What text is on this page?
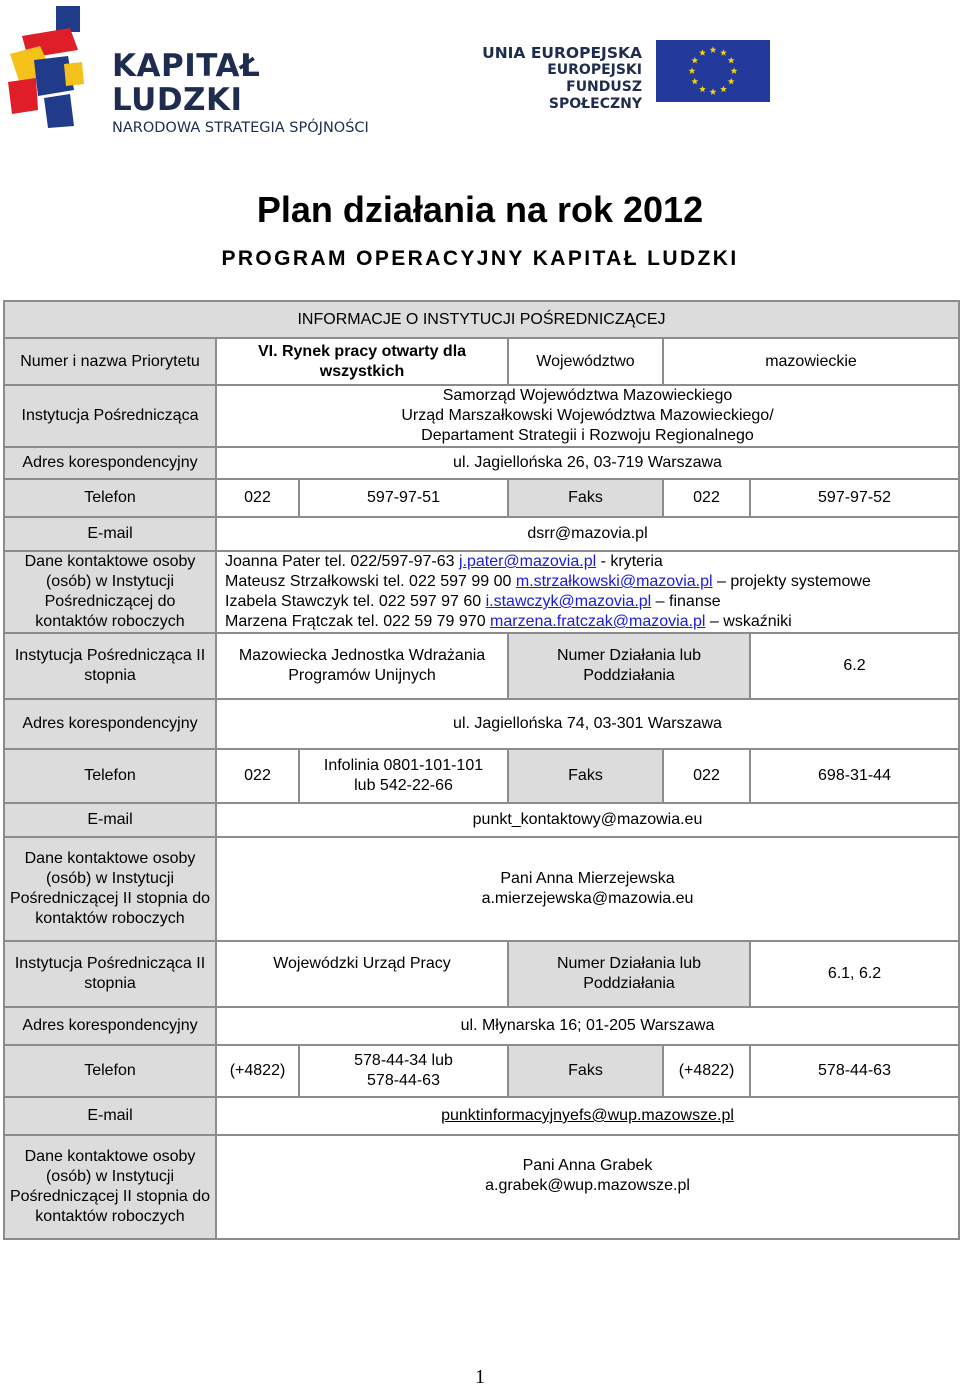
KAPITAŁ LUDZKI
NARODOWA STRATEGIA SPÓJNOŚCI
UNIA EUROPEJSKA
EUROPEJSKI
FUNDUSZ SPOŁECZNY
Plan działania na rok 2012
PROGRAM OPERACYJNY KAPITAŁ LUDZKI
INFORMACJE O INSTYTUCJI POŚREDNICZĄCEJ					
Numer i nazwa Priorytetu	VI. Rynek pracy otwarty dla wszystkich		Województwo	mazowieckie	
Instytucja Pośrednicząca	Samorząd Województwa Mazowieckiego
Urząd Marszałkowski Województwa Mazowieckiego/
Departament Strategii i Rozwoju Regionalnego				

Adres korespondencyjny	ul. Jagiellońska 26, 03-719 Warszawa				
Telefon	022	597-97-51	Faks	022	597-97-52
E-mail	dsrr@mazovia.pl				
Dane kontaktowe osoby (osób) w Instytucji Pośredniczącej do kontaktów roboczych	Joanna Pater tel. 022/597-97-63 j.pater@mazovia.pl - kryteria
Mateusz Strzałkowski tel. 022 597 99 00 m.strzałkowski@mazovia.pl – projekty systemowe
Izabela Stawczyk tel. 022 597 97 60 i.stawczyk@mazovia.pl – finanse
Marzena Frątczak tel. 022 59 79 970 marzena.fratczak@mazovia.pl – wskaźniki				

Instytucja Pośrednicząca II stopnia	Mazowiecka Jednostka Wdrażania Programów Unijnych		Numer Działania lub Poddziałania		6.2
Adres korespondencyjny	ul. Jagiellońska 74, 03-301 Warszawa				
Telefon	022	Infolinia 0801-101-101
lub 542-22-66	Faks	022	698-31-44
E-mail	punkt_kontaktowy@mazowia.eu				
Dane kontaktowe osoby (osób) w Instytucji Pośredniczącej II stopnia do kontaktów roboczych	Pani Anna Mierzejewska
a.mierzejewska@mazowia.eu				

Instytucja Pośrednicząca II stopnia	Wojewódzki Urząd Pracy		Numer Działania lub Poddziałania		6.1, 6.2
Adres korespondencyjny	ul. Młynarska 16; 01-205 Warszawa				
Telefon	(+4822)	578-44-34 lub
578-44-63	Faks	(+4822)	578-44-63
E-mail	punktinformacyjnyefs@wup.mazowsze.pl				
Dane kontaktowe osoby (osób) w Instytucji Pośredniczącej II stopnia do kontaktów roboczych	Pani Anna Grabek
a.grabek@wup.mazowsze.pl				
1
